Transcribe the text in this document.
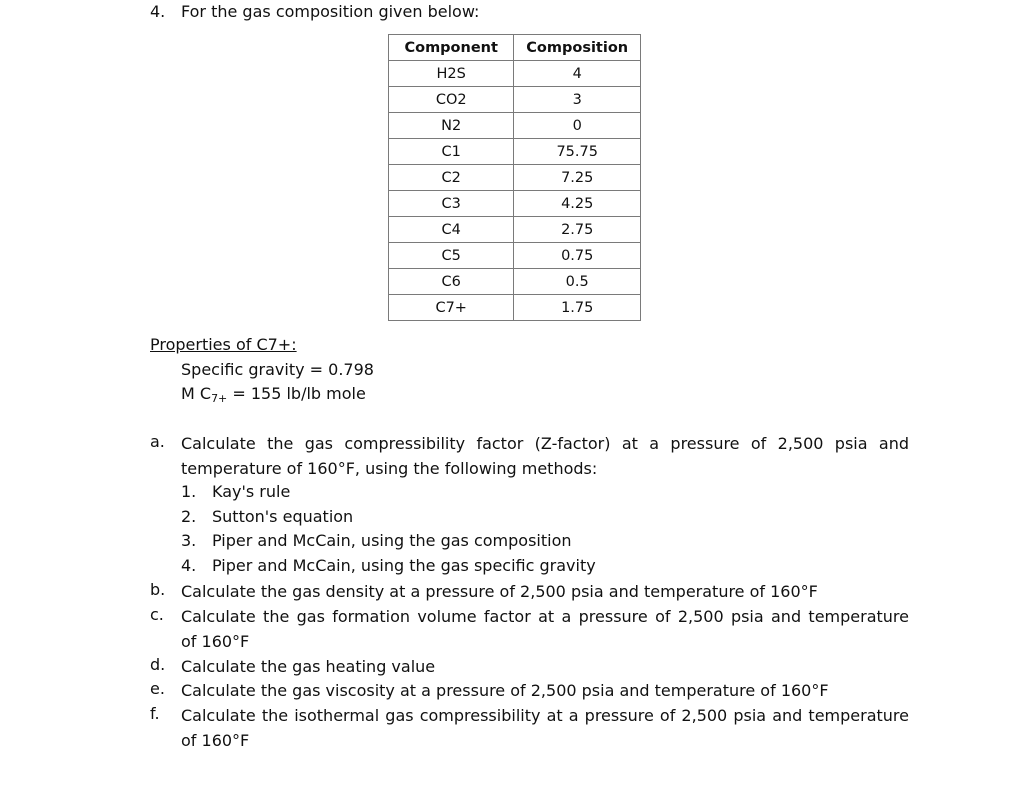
4. For the gas composition given below:
Component	Composition
H2S	4
CO2	3
N2	0
C1	75.75
C2	7.25
C3	4.25
C4	2.75
C5	0.75
C6	0.5
C7+	1.75
Properties of C7+:
Specific gravity = 0.798
M $C_{7+} = 155$ lb/lb mole
a.	Calculate the gas compressibility factor (Z-factor) at a pressure of 2,500 psia and
temperature of 160°F, using the following methods:
1. Kay's rule
2. Sutton's equation
3. Piper and McCain, using the gas composition
4. Piper and McCain, using the gas specific gravity
b. Calculate the gas density at a pressure of 2,500 psia and temperature of 160°F
c.	Calculate the gas formation volume factor at a pressure of 2,500 psia and temperature
of 160°F
d. Calculate the gas heating value
e.	Calculate the gas viscosity at a pressure of 2,500 psia and temperature of 160°F
f.	Calculate the isothermal gas compressibility at a pressure of 2,500 psia and temperature
of 160°F
